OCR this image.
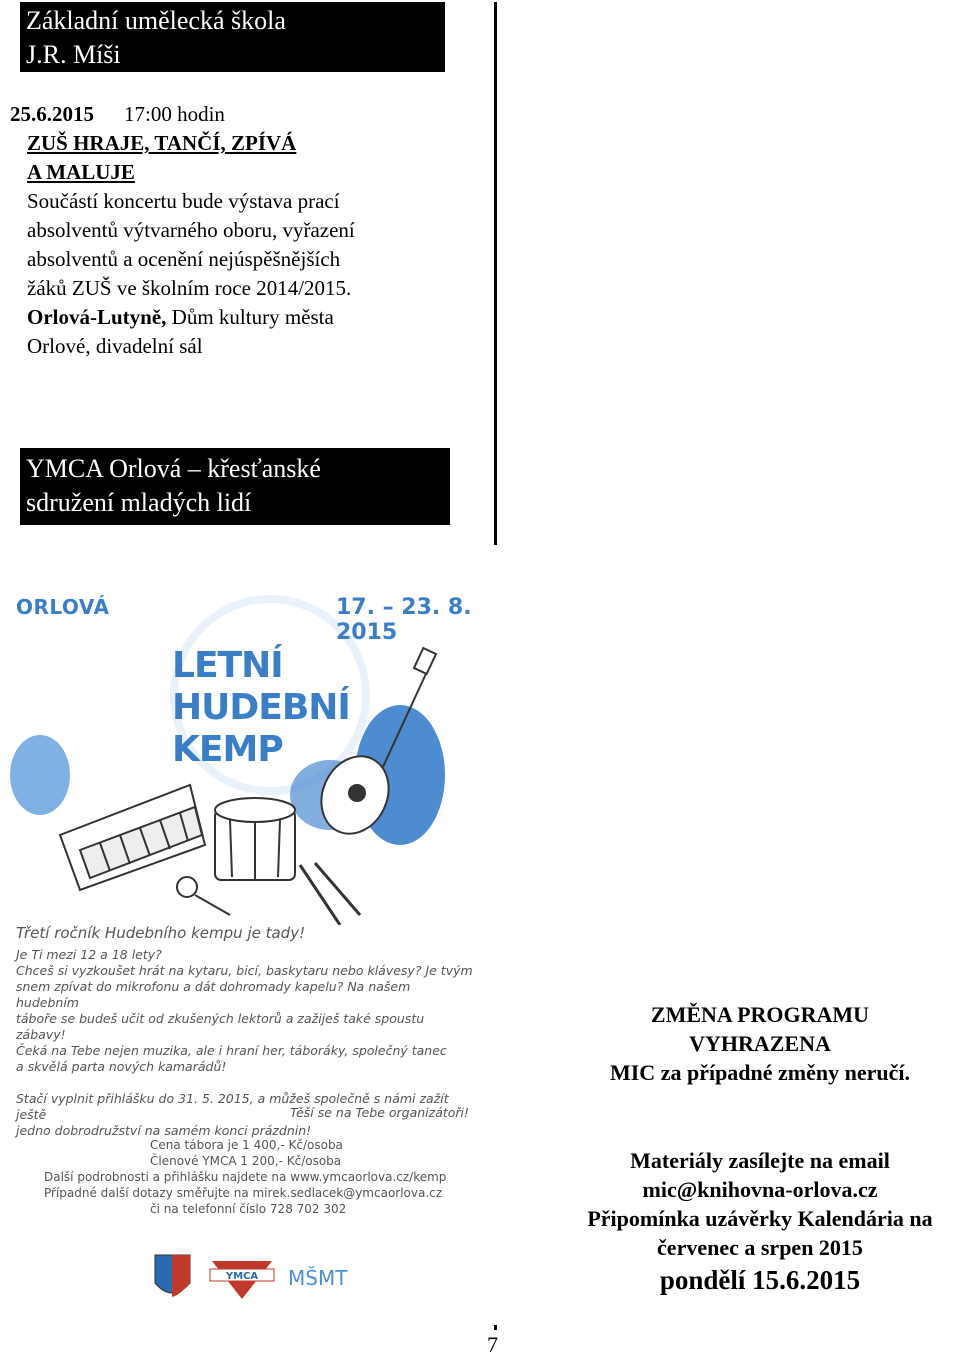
Základní umělecká škola
J.R. Míši
25.6.2015 17:00 hodin
ZUŠ HRAJE, TANČÍ, ZPÍVÁ
A MALUJE
Součástí koncertu bude výstava prací
absolventů výtvarného oboru, vyřazení
absolventů a ocenění nejúspěšnějších
žáků ZUŠ ve školním roce 2014/2015.
Orlová-Lutyně, Dům kultury města
Orlové, divadelní sál
YMCA Orlová – křesťanské
sdružení mladých lidí
ORLOVÁ	17. – 23. 8. 2015
LETNÍ
HUDEBNÍ
KEMP
Třetí ročník Hudebního kempu je tady!
Je Ti mezi 12 a 18 lety?
Chceš si vyzkoušet hrát na kytaru, bicí, baskytaru nebo klávesy? Je tvým
snem zpívat do mikrofonu a dát dohromady kapelu? Na našem hudebním
táboře se budeš učit od zkušených lektorů a zažiješ také spoustu zábavy!
Čeká na Tebe nejen muzika, ale i hraní her, táboráky, společný tanec
a skvělá parta nových kamarádů!

Stačí vyplnit přihlášku do 31. 5. 2015, a můžeš společně s námi zažít ještě
jedno dobrodružství na samém konci prázdnin!
Těší se na Tebe organizátoři!
Cena tábora je 1 400,- Kč/osoba
Členové YMCA 1 200,- Kč/osoba
Další podrobnosti a přihlášku najdete na www.ymcaorlova.cz/kemp
Případné další dotazy směřujte na mirek.sedlacek@ymcaorlova.cz
či na telefonní číslo 728 702 302
YMCA MŠMT
ZMĚNA PROGRAMU
VYHRAZENA
MIC za případné změny neručí.
Materiály zasílejte na email
mic@knihovna-orlova.cz
Připomínka uzávěrky Kalendária na
červenec a srpen 2015
pondělí 15.6.2015
7
